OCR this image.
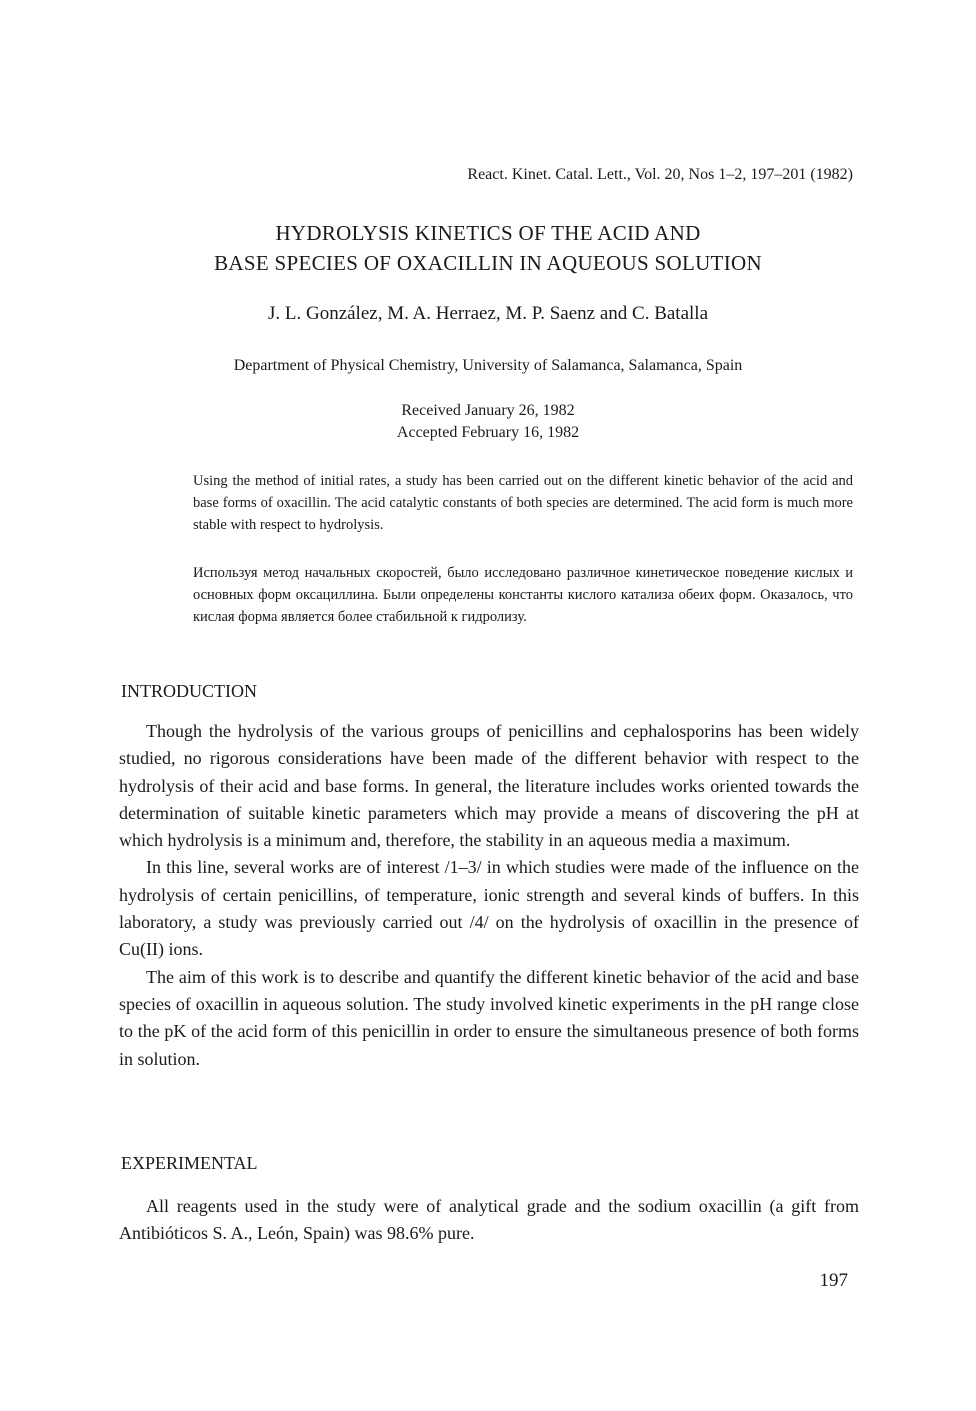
React. Kinet. Catal. Lett., Vol. 20, Nos 1–2, 197–201 (1982)
HYDROLYSIS KINETICS OF THE ACID AND
BASE SPECIES OF OXACILLIN IN AQUEOUS SOLUTION
J. L. González, M. A. Herraez, M. P. Saenz and C. Batalla
Department of Physical Chemistry, University of Salamanca, Salamanca, Spain
Received January 26, 1982
Accepted February 16, 1982
Using the method of initial rates, a study has been carried out on the different kinetic behavior of the acid and base forms of oxacillin. The acid catalytic constants of both species are determined. The acid form is much more stable with respect to hydrolysis.
Используя метод начальных скоростей, было исследовано различное кинетическое поведение кислых и основных форм оксациллина. Были определены константы кислого катализа обеих форм. Оказалось, что кислая форма является более стабильной к гидролизу.
INTRODUCTION

Though the hydrolysis of the various groups of penicillins and cephalosporins has been widely studied, no rigorous considerations have been made of the different behavior with respect to the hydrolysis of their acid and base forms. In general, the literature includes works oriented towards the determination of suitable kinetic parameters which may provide a means of discovering the pH at which hydrolysis is a minimum and, therefore, the stability in an aqueous media a maximum.

In this line, several works are of interest /1–3/ in which studies were made of the influence on the hydrolysis of certain penicillins, of temperature, ionic strength and several kinds of buffers. In this laboratory, a study was previously carried out /4/ on the hydrolysis of oxacillin in the presence of Cu(II) ions.

The aim of this work is to describe and quantify the different kinetic behavior of the acid and base species of oxacillin in aqueous solution. The study involved kinetic experiments in the pH range close to the pK of the acid form of this penicillin in order to ensure the simultaneous presence of both forms in solution.

EXPERIMENTAL

All reagents used in the study were of analytical grade and the sodium oxacillin (a gift from Antibióticos S. A., León, Spain) was 98.6% pure.

197
